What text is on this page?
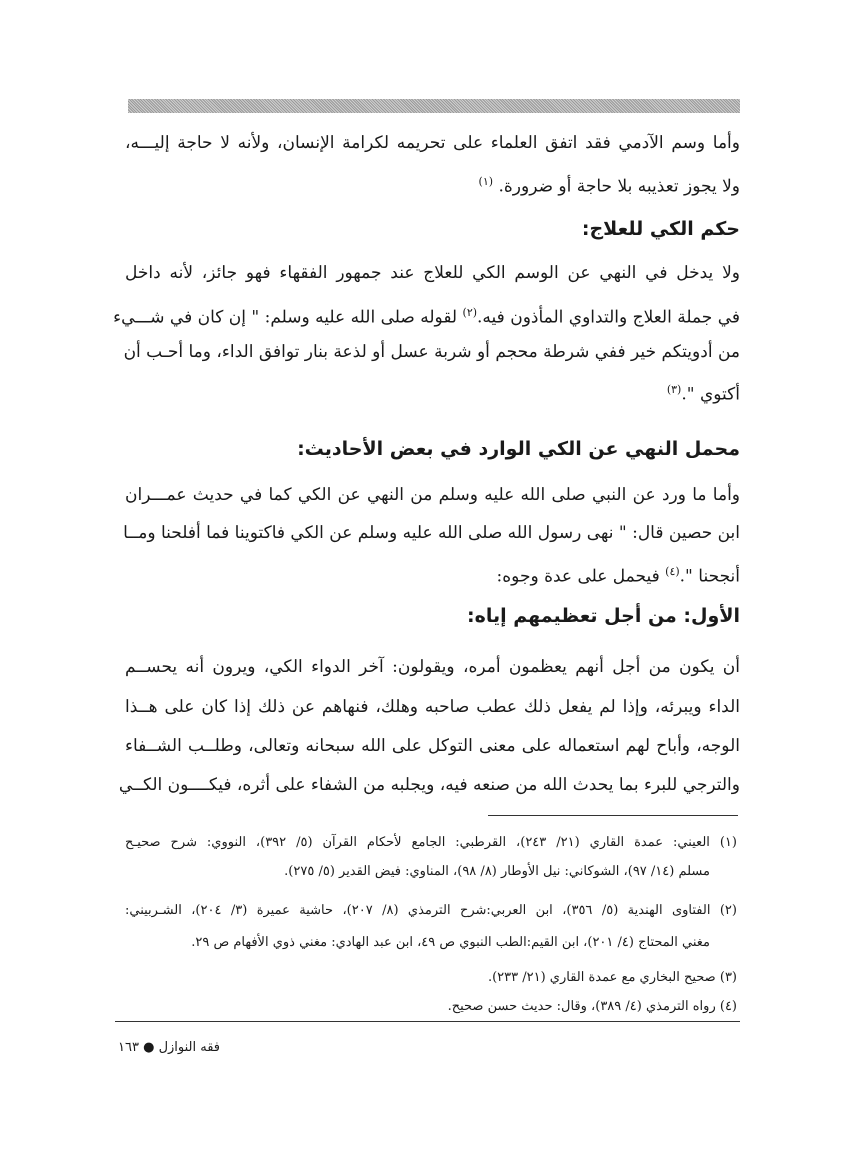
وأما وسم الآدمي فقد اتفق العلماء على تحريمه لكرامة الإنسان، ولأنه لا حاجة إليـــه،
ولا يجوز تعذيبه بلا حاجة أو ضرورة. $^{(١)}$
حكم الكي للعلاج:
ولا يدخل في النهي عن الوسم الكي للعلاج عند جمهور الفقهاء فهو جائز، لأنه داخل
في جملة العلاج والتداوي المأذون فيه.$^{(٢)}$ لقوله صلى الله عليه وسلم: " إن كان في شـــيء
من أدويتكم خير ففي شرطة محجم أو شربة عسل أو لذعة بنار توافق الداء، وما أحـب أن
أكتوي ".$^{(٣)}$
محمل النهي عن الكي الوارد في بعض الأحاديث:
وأما ما ورد عن النبي صلى الله عليه وسلم من النهي عن الكي كما في حديث عمـــران
ابن حصين قال: " نهى رسول الله صلى الله عليه وسلم عن الكي فاكتوينا فما أفلحنا ومــا
أنجحنا ".$^{(٤)}$ فيحمل على عدة وجوه:
الأول: من أجل تعظيمهم إياه:
أن يكون من أجل أنهم يعظمون أمره، ويقولون: آخر الدواء الكي، ويرون أنه يحســم
الداء ويبرئه، وإذا لم يفعل ذلك عطب صاحبه وهلك، فنهاهم عن ذلك إذا كان على هــذا
الوجه، وأباح لهم استعماله على معنى التوكل على الله سبحانه وتعالى، وطلــب الشــفاء
والترجي للبرء بما يحدث الله من صنعه فيه، ويجلبه من الشفاء على أثره، فيكــــون الكــي
(١) العيني: عمدة القاري (٢١/ ٢٤٣)، القرطبي: الجامع لأحكام القرآن (٥/ ٣٩٢)، النووي: شرح صحيـح
مسلم (١٤/ ٩٧)، الشوكاني: نيل الأوطار (٨/ ٩٨)، المناوي: فيض القدير (٥/ ٢٧٥).
(٢) الفتاوى الهندية (٥/ ٣٥٦)، ابن العربي:شرح الترمذي (٨/ ٢٠٧)، حاشية عميرة (٣/ ٢٠٤)، الشـربيني:
مغني المحتاج (٤/ ٢٠١)، ابن القيم:الطب النبوي ص ٤٩، ابن عبد الهادي: مغني ذوي الأفهام ص ٢٩.
(٣) صحيح البخاري مع عمدة القاري (٢١/ ٢٣٣).
(٤) رواه الترمذي (٤/ ٣٨٩)، وقال: حديث حسن صحيح.
فقه النوازل ● ١٦٣
